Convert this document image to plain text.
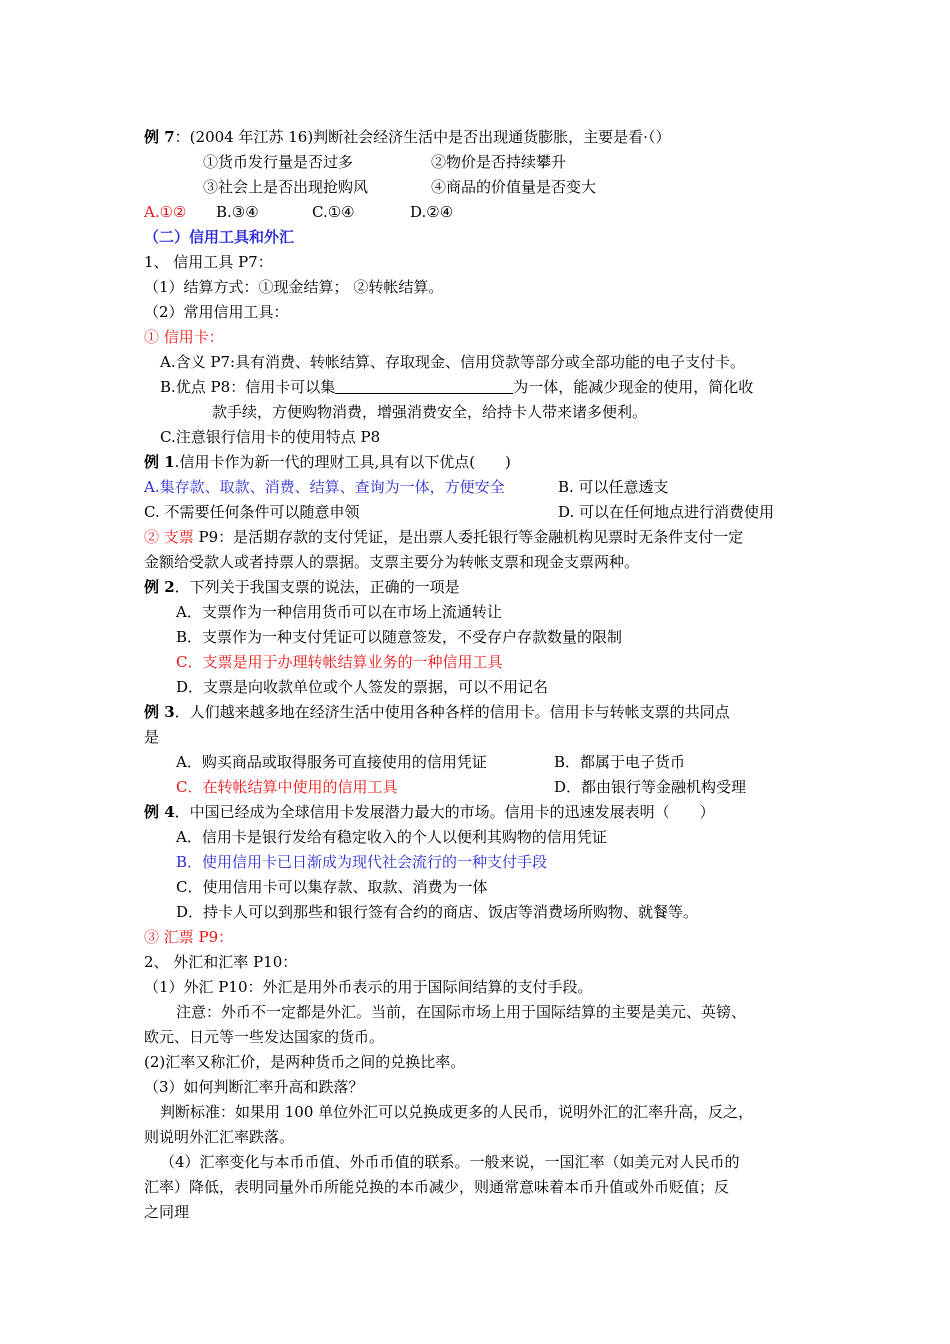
例 7：(2004 年江苏 16)判断社会经济生活中是否出现通货膨胀，主要是看·（）
①货币发行量是否过多	②物价是否持续攀升
③社会上是否出现抢购风	④商品的价值量是否变大
A.①② B.③④	C.①④	D.②④
（二）信用工具和外汇
1、 信用工具 P7：
（1）结算方式：①现金结算； ②转帐结算。
（2）常用信用工具：
① 信用卡：
A.含义 P7:具有消费、转帐结算、存取现金、信用贷款等部分或全部功能的电子支付卡。
B.优点 P8：信用卡可以集	为一体，能减少现金的使用，简化收
款手续，方便购物消费，增强消费安全，给持卡人带来诸多便利。
C.注意银行信用卡的使用特点 P8
例 1.信用卡作为新一代的理财工具,具有以下优点(　　)
A.集存款、取款、消费、结算、查询为一体，方便安全	B. 可以任意透支
C. 不需要任何条件可以随意申领	D. 可以在任何地点进行消费使用
② 支票 P9：是活期存款的支付凭证，是出票人委托银行等金融机构见票时无条件支付一定
金额给受款人或者持票人的票据。支票主要分为转帐支票和现金支票两种。
例 2．下列关于我国支票的说法，正确的一项是
A．支票作为一种信用货币可以在市场上流通转让
B．支票作为一种支付凭证可以随意签发，不受存户存款数量的限制
C．支票是用于办理转帐结算业务的一种信用工具
D．支票是向收款单位或个人签发的票据，可以不用记名
例 3．人们越来越多地在经济生活中使用各种各样的信用卡。信用卡与转帐支票的共同点
是
A．购买商品或取得服务可直接使用的信用凭证	B．都属于电子货币
C．在转帐结算中使用的信用工具	D．都由银行等金融机构受理
例 4．中国已经成为全球信用卡发展潜力最大的市场。信用卡的迅速发展表明（　　）
A．信用卡是银行发给有稳定收入的个人以便利其购物的信用凭证
B．使用信用卡已日渐成为现代社会流行的一种支付手段
C．使用信用卡可以集存款、取款、消费为一体
D．持卡人可以到那些和银行签有合约的商店、饭店等消费场所购物、就餐等。
③ 汇票 P9：
2、 外汇和汇率 P10：
（1）外汇 P10：外汇是用外币表示的用于国际间结算的支付手段。
注意：外币不一定都是外汇。当前，在国际市场上用于国际结算的主要是美元、英镑、
欧元、日元等一些发达国家的货币。
(2)汇率又称汇价，是两种货币之间的兑换比率。
（3）如何判断汇率升高和跌落？
判断标准：如果用 100 单位外汇可以兑换成更多的人民币，说明外汇的汇率升高，反之，
则说明外汇汇率跌落。
（4）汇率变化与本币币值、外币币值的联系。一般来说，一国汇率（如美元对人民币的
汇率）降低，表明同量外币所能兑换的本币减少，则通常意味着本币升值或外币贬值；反
之同理
